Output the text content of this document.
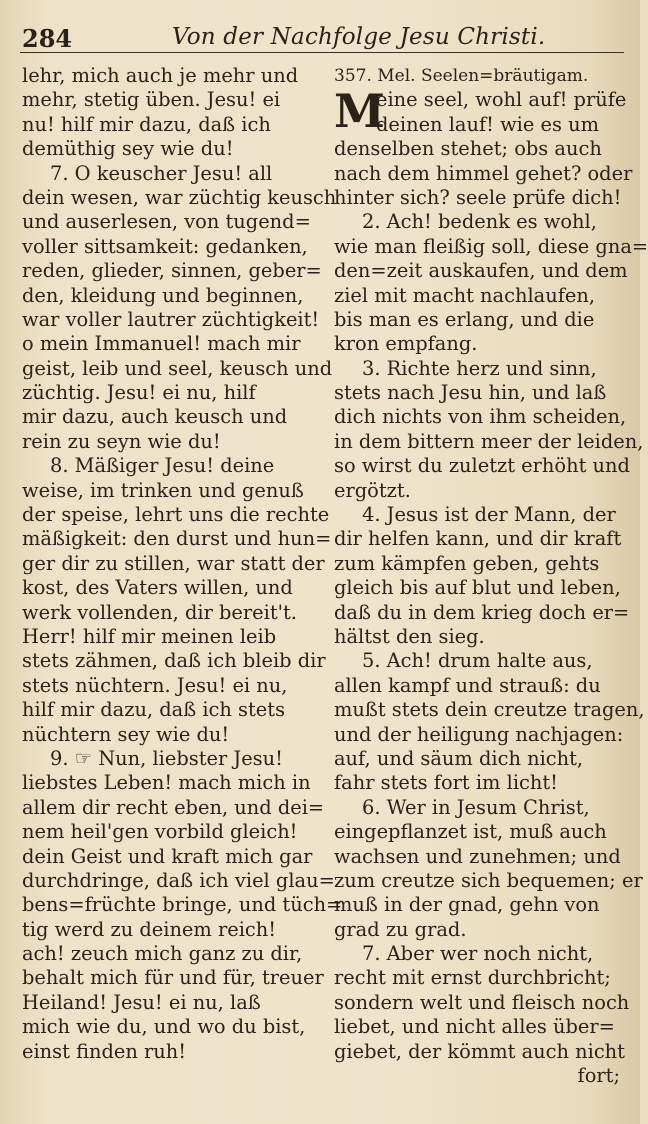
284	Von der Nachfolge Jesu Christi.
lehr, mich auch je mehr und
mehr, stetig üben. Jesu! ei
nu! hilf mir dazu, daß ich
demüthig sey wie du!
7. O keuscher Jesu! all
dein wesen, war züchtig keusch
und auserlesen, von tugend=
voller sittsamkeit: gedanken,
reden, glieder, sinnen, geber=
den, kleidung und beginnen,
war voller lautrer züchtigkeit!
o mein Immanuel! mach mir
geist, leib und seel, keusch und
züchtig. Jesu! ei nu, hilf
mir dazu, auch keusch und
rein zu seyn wie du!
8. Mäßiger Jesu! deine
weise, im trinken und genuß
der speise, lehrt uns die rechte
mäßigkeit: den durst und hun=
ger dir zu stillen, war statt der
kost, des Vaters willen, und
werk vollenden, dir bereit't.
Herr! hilf mir meinen leib
stets zähmen, daß ich bleib dir
stets nüchtern. Jesu! ei nu,
hilf mir dazu, daß ich stets
nüchtern sey wie du!
9. ☞ Nun, liebster Jesu!
liebstes Leben! mach mich in
allem dir recht eben, und dei=
nem heil'gen vorbild gleich!
dein Geist und kraft mich gar
durchdringe, daß ich viel glau=
bens=früchte bringe, und tüch=
tig werd zu deinem reich!
ach! zeuch mich ganz zu dir,
behalt mich für und für, treuer
Heiland! Jesu! ei nu, laß
mich wie du, und wo du bist,
einst finden ruh!
357. Mel. Seelen=bräutigam.
M
eine seel, wohl auf! prüfe
deinen lauf! wie es um
denselben stehet; obs auch
nach dem himmel gehet? oder
hinter sich? seele prüfe dich!
2. Ach! bedenk es wohl,
wie man fleißig soll, diese gna=
den=zeit auskaufen, und dem
ziel mit macht nachlaufen,
bis man es erlang, und die
kron empfang.
3. Richte herz und sinn,
stets nach Jesu hin, und laß
dich nichts von ihm scheiden,
in dem bittern meer der leiden,
so wirst du zuletzt erhöht und
ergötzt.
4. Jesus ist der Mann, der
dir helfen kann, und dir kraft
zum kämpfen geben, gehts
gleich bis auf blut und leben,
daß du in dem krieg doch er=
hältst den sieg.
5. Ach! drum halte aus,
allen kampf und strauß: du
mußt stets dein creutze tragen,
und der heiligung nachjagen:
auf, und säum dich nicht,
fahr stets fort im licht!
6. Wer in Jesum Christ,
eingepflanzet ist, muß auch
wachsen und zunehmen; und
zum creutze sich bequemen; er
muß in der gnad, gehn von
grad zu grad.
7. Aber wer noch nicht,
recht mit ernst durchbricht;
sondern welt und fleisch noch
liebet, und nicht alles über=
giebet, der kömmt auch nicht
fort;
